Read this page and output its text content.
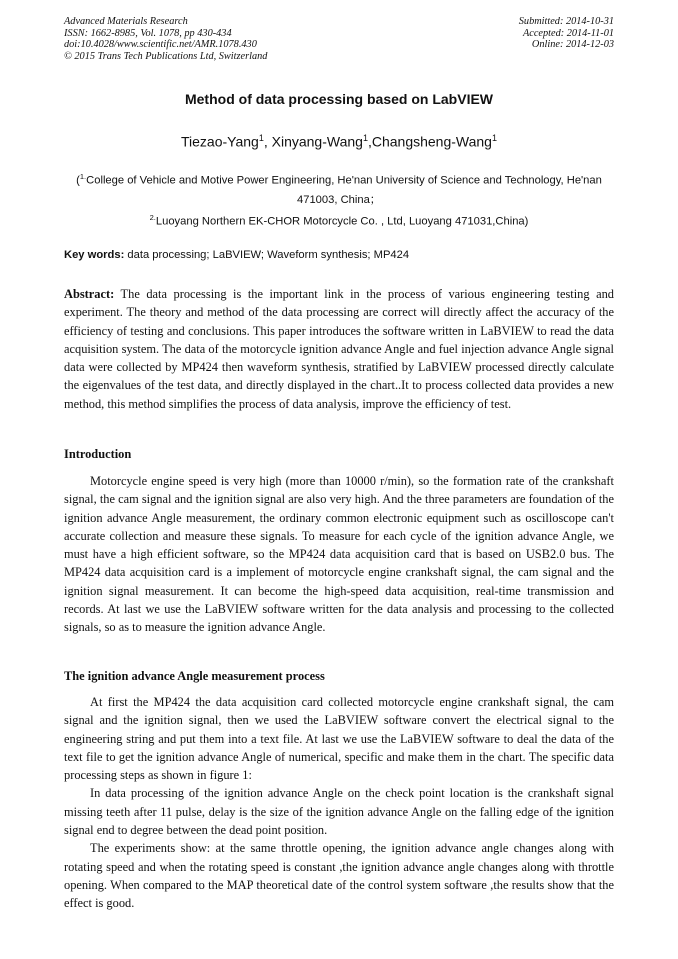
Advanced Materials Research
ISSN: 1662-8985, Vol. 1078, pp 430-434
doi:10.4028/www.scientific.net/AMR.1078.430
© 2015 Trans Tech Publications Ltd, Switzerland
Submitted: 2014-10-31
Accepted: 2014-11-01
Online: 2014-12-03
Method of data processing based on LabVIEW
Tiezao-Yang$^1$, Xinyang-Wang$^1$,Changsheng-Wang$^1$
($^{1.}$College of Vehicle and Motive Power Engineering, He'nan University of Science and Technology, He'nan 471003, China；
$^{2.}$Luoyang Northern EK-CHOR Motorcycle Co. , Ltd, Luoyang 471031,China)
Key words: data processing; LaBVIEW; Waveform synthesis; MP424
Abstract: The data processing is the important link in the process of various engineering testing and experiment. The theory and method of the data processing are correct will directly affect the accuracy of the efficiency of testing and conclusions. This paper introduces the software written in LaBVIEW to read the data acquisition system. The data of the motorcycle ignition advance Angle and fuel injection advance Angle signal data were collected by MP424 then waveform synthesis, stratified by LaBVIEW processed directly calculate the eigenvalues of the test data, and directly displayed in the chart..It to process collected data provides a new method, this method simplifies the process of data analysis, improve the efficiency of test.
Introduction

Motorcycle engine speed is very high (more than 10000 r/min), so the formation rate of the crankshaft signal, the cam signal and the ignition signal are also very high. And the three parameters are foundation of the ignition advance Angle measurement, the ordinary common electronic equipment such as oscilloscope can't accurate collection and measure these signals. To measure for each cycle of the ignition advance Angle, we must have a high efficient software, so the MP424 data acquisition card that is based on USB2.0 bus. The MP424 data acquisition card is a implement of motorcycle engine crankshaft signal, the cam signal and the ignition signal measurement. It can become the high-speed data acquisition, real-time transmission and records. At last we use the LaBVIEW software written for the data analysis and processing to the collected signals, so as to measure the ignition advance Angle.

The ignition advance Angle measurement process

At first the MP424 the data acquisition card collected motorcycle engine crankshaft signal, the cam signal and the ignition signal, then we used the LaBVIEW software convert the electrical signal to the engineering string and put them into a text file. At last we use the LaBVIEW software to deal the data of the text file to get the ignition advance Angle of numerical, specific and make them in the chart. The specific data processing steps as shown in figure 1:

In data processing of the ignition advance Angle on the check point location is the crankshaft signal missing teeth after 11 pulse, delay is the size of the ignition advance Angle on the falling edge of the ignition signal end to degree between the dead point position.

The experiments show: at the same throttle opening, the ignition advance angle changes along with rotating speed and when the rotating speed is constant ,the ignition advance angle changes along with throttle opening. When compared to the MAP theoretical date of the control system software ,the results show that the effect is good.
